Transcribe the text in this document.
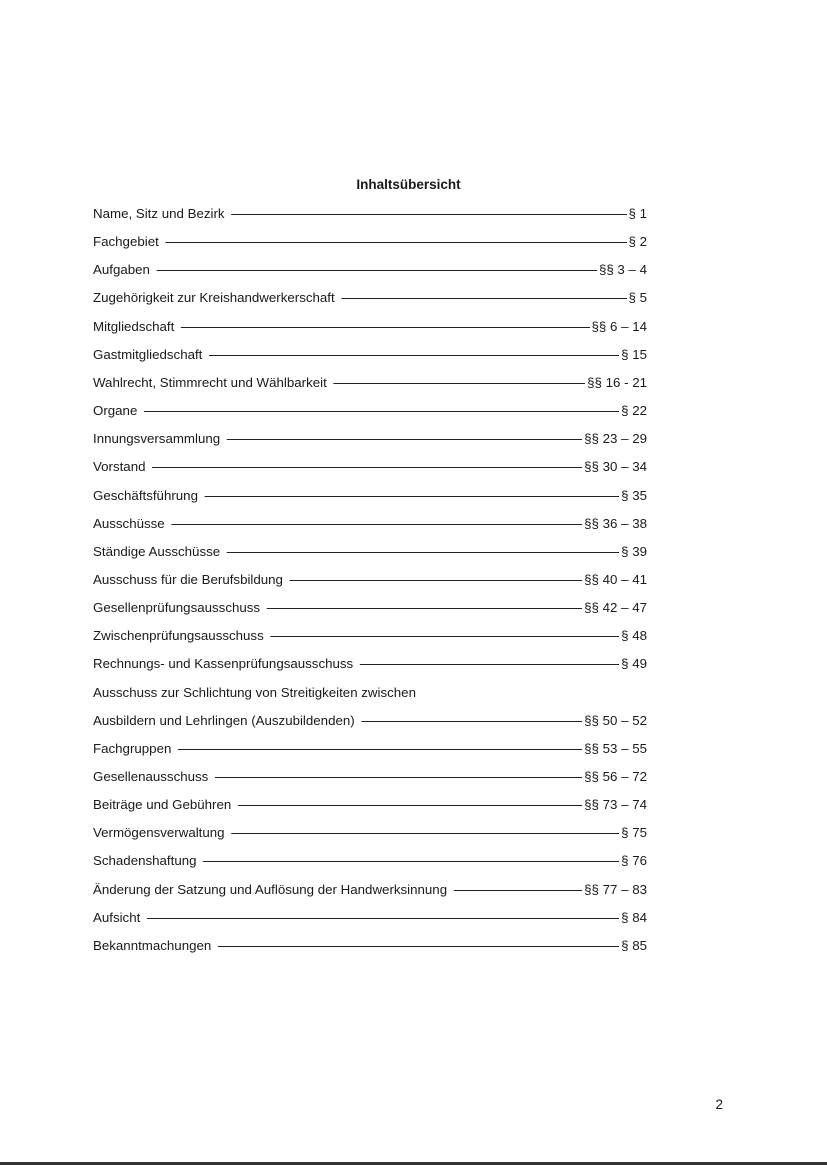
Inhaltsübersicht
Name, Sitz und Bezirk -----	§ 1
Fachgebiet -----	§ 2
Aufgaben -----	§§ 3 – 4
Zugehörigkeit zur Kreishandwerkerschaft -----	§ 5
Mitgliedschaft -----	§§ 6 – 14
Gastmitgliedschaft -----	§ 15
Wahlrecht, Stimmrecht und Wählbarkeit -----	§§ 16 - 21
Organe -----	§ 22
Innungsversammlung -----	§§ 23 – 29
Vorstand -----	§§ 30 – 34
Geschäftsführung -----	§ 35
Ausschüsse -----	§§ 36 – 38
Ständige Ausschüsse -----	§ 39
Ausschuss für die Berufsbildung -----	§§ 40 – 41
Gesellenprüfungsausschuss -----	§§ 42 – 47
Zwischenprüfungsausschuss -----	§ 48
Rechnungs- und Kassenprüfungsausschuss -----	§ 49
Ausschuss zur Schlichtung von Streitigkeiten zwischen
Ausbildern und Lehrlingen (Auszubildenden) -----	§§ 50 – 52
Fachgruppen -----	§§ 53 – 55
Gesellenausschuss -----	§§ 56 – 72
Beiträge und Gebühren -----	§§ 73 – 74
Vermögensverwaltung -----	§ 75
Schadenshaftung -----	§ 76
Änderung der Satzung und Auflösung der Handwerksinnung -----	§§ 77 – 83
Aufsicht -----	§ 84
Bekanntmachungen -----	§ 85
2
